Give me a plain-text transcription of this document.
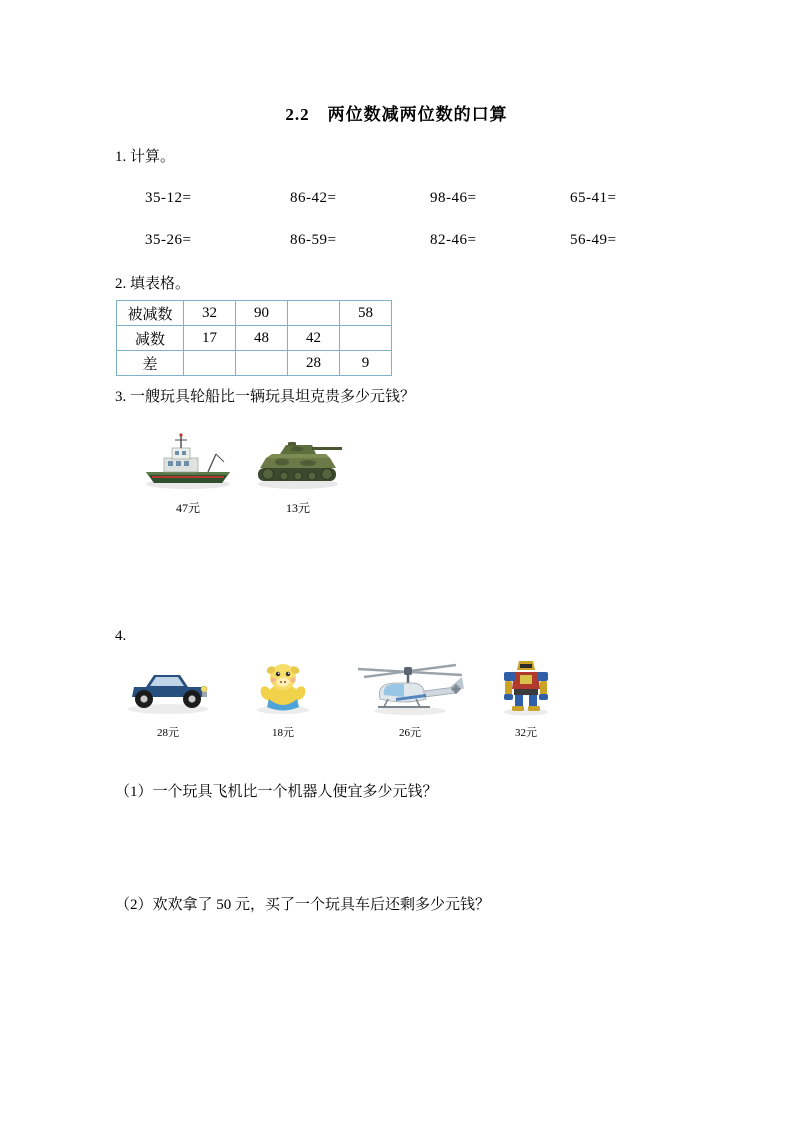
2.2　两位数减两位数的口算
1. 计算。
35-12=	86-42=	98-46=	65-41=
35-26=	86-59=	82-46=	56-49=
2. 填表格。
被减数	32	90		58
减数	17	48	42	
差			28	9
3. 一艘玩具轮船比一辆玩具坦克贵多少元钱？
47元	13元
4.
28元	18元	26元	32元
（1）一个玩具飞机比一个机器人便宜多少元钱？
（2）欢欢拿了 50 元，买了一个玩具车后还剩多少元钱？
